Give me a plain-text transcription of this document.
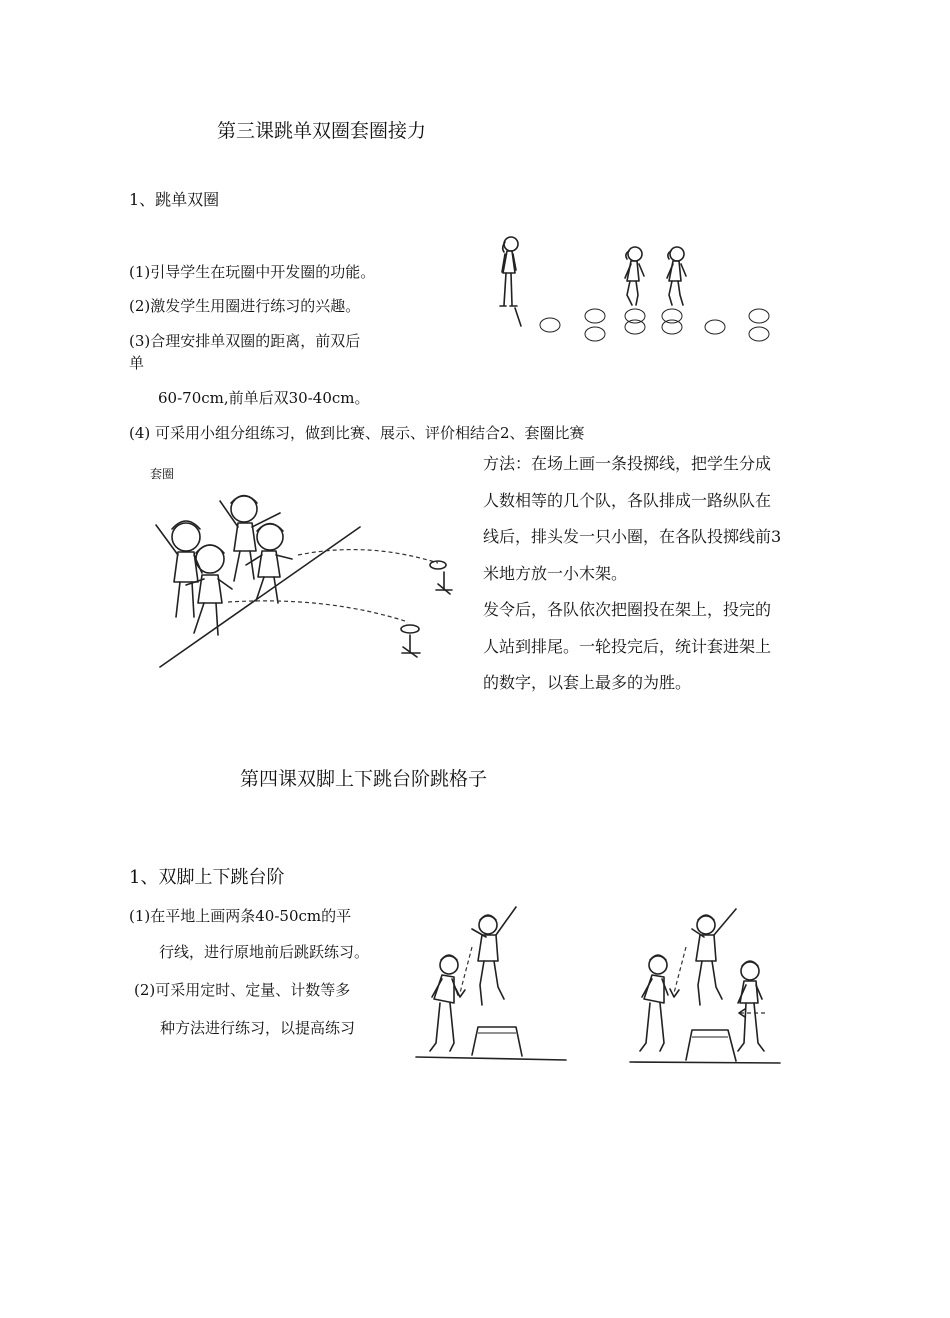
第三课跳单双圈套圈接力
1、跳单双圈
(1)引导学生在玩圈中开发圈的功能。
(2)激发学生用圈进行练习的兴趣。
(3)合理安排单双圈的距离，前双后
单
60-70cm,前单后双30-40cm。
(4) 可采用小组分组练习，做到比赛、展示、评价相结合2、套圈比赛
套圈
方法：在场上画一条投掷线，把学生分成
人数相等的几个队，各队排成一路纵队在
线后，排头发一只小圈，在各队投掷线前3
米地方放一小木架。
发令后，各队依次把圈投在架上，投完的
人站到排尾。一轮投完后，统计套进架上
的数字，以套上最多的为胜。
第四课双脚上下跳台阶跳格子
1、双脚上下跳台阶
(1)在平地上画两条40-50cm的平
行线，进行原地前后跳跃练习。
(2)可采用定时、定量、计数等多
种方法进行练习，以提高练习
